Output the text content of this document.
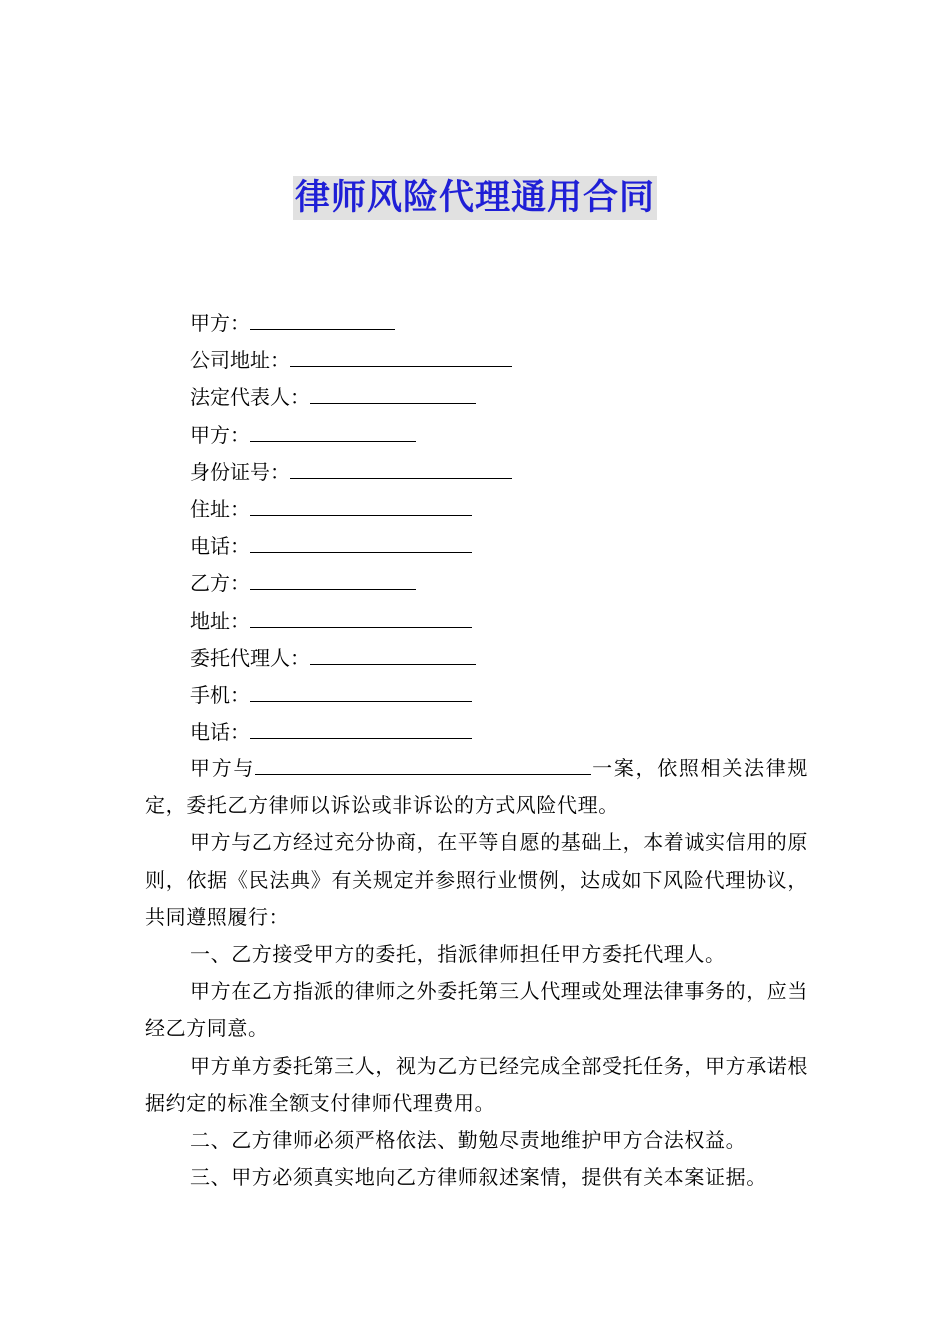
律师风险代理通用合同
甲方：
公司地址：
法定代表人：
甲方：
身份证号：
住址：
电话：
乙方：
地址：
委托代理人：
手机：
电话：

甲方与	一案，依照相关法律规定，委托乙方律师以诉讼或非诉讼的方式风险代理。

甲方与乙方经过充分协商，在平等自愿的基础上，本着诚实信用的原则，依据《民法典》有关规定并参照行业惯例，达成如下风险代理协议，共同遵照履行：

一、乙方接受甲方的委托，指派律师担任甲方委托代理人。

甲方在乙方指派的律师之外委托第三人代理或处理法律事务的，应当经乙方同意。

甲方单方委托第三人，视为乙方已经完成全部受托任务，甲方承诺根据约定的标准全额支付律师代理费用。

二、乙方律师必须严格依法、勤勉尽责地维护甲方合法权益。

三、甲方必须真实地向乙方律师叙述案情，提供有关本案证据。
